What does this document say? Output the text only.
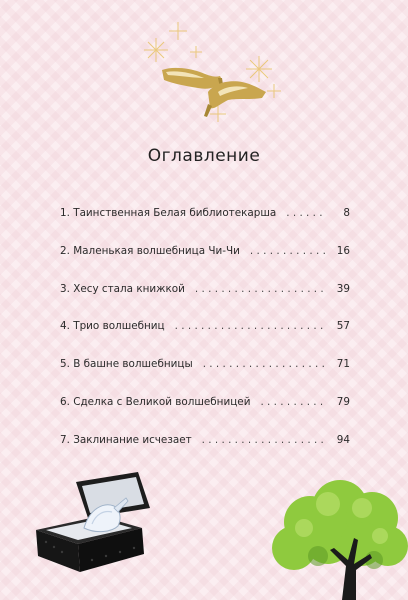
Оглавление
1. Таинственная Белая библиотекарша . . .	8
2. Маленькая волшебница Чи-Чи . . .	16
3. Хесу стала книжкой . . .	39
4. Трио волшебниц . . .	57
5. В башне волшебницы . . .	71
6. Сделка с Великой волшебницей . . .	79
7. Заклинание исчезает . . .	94
